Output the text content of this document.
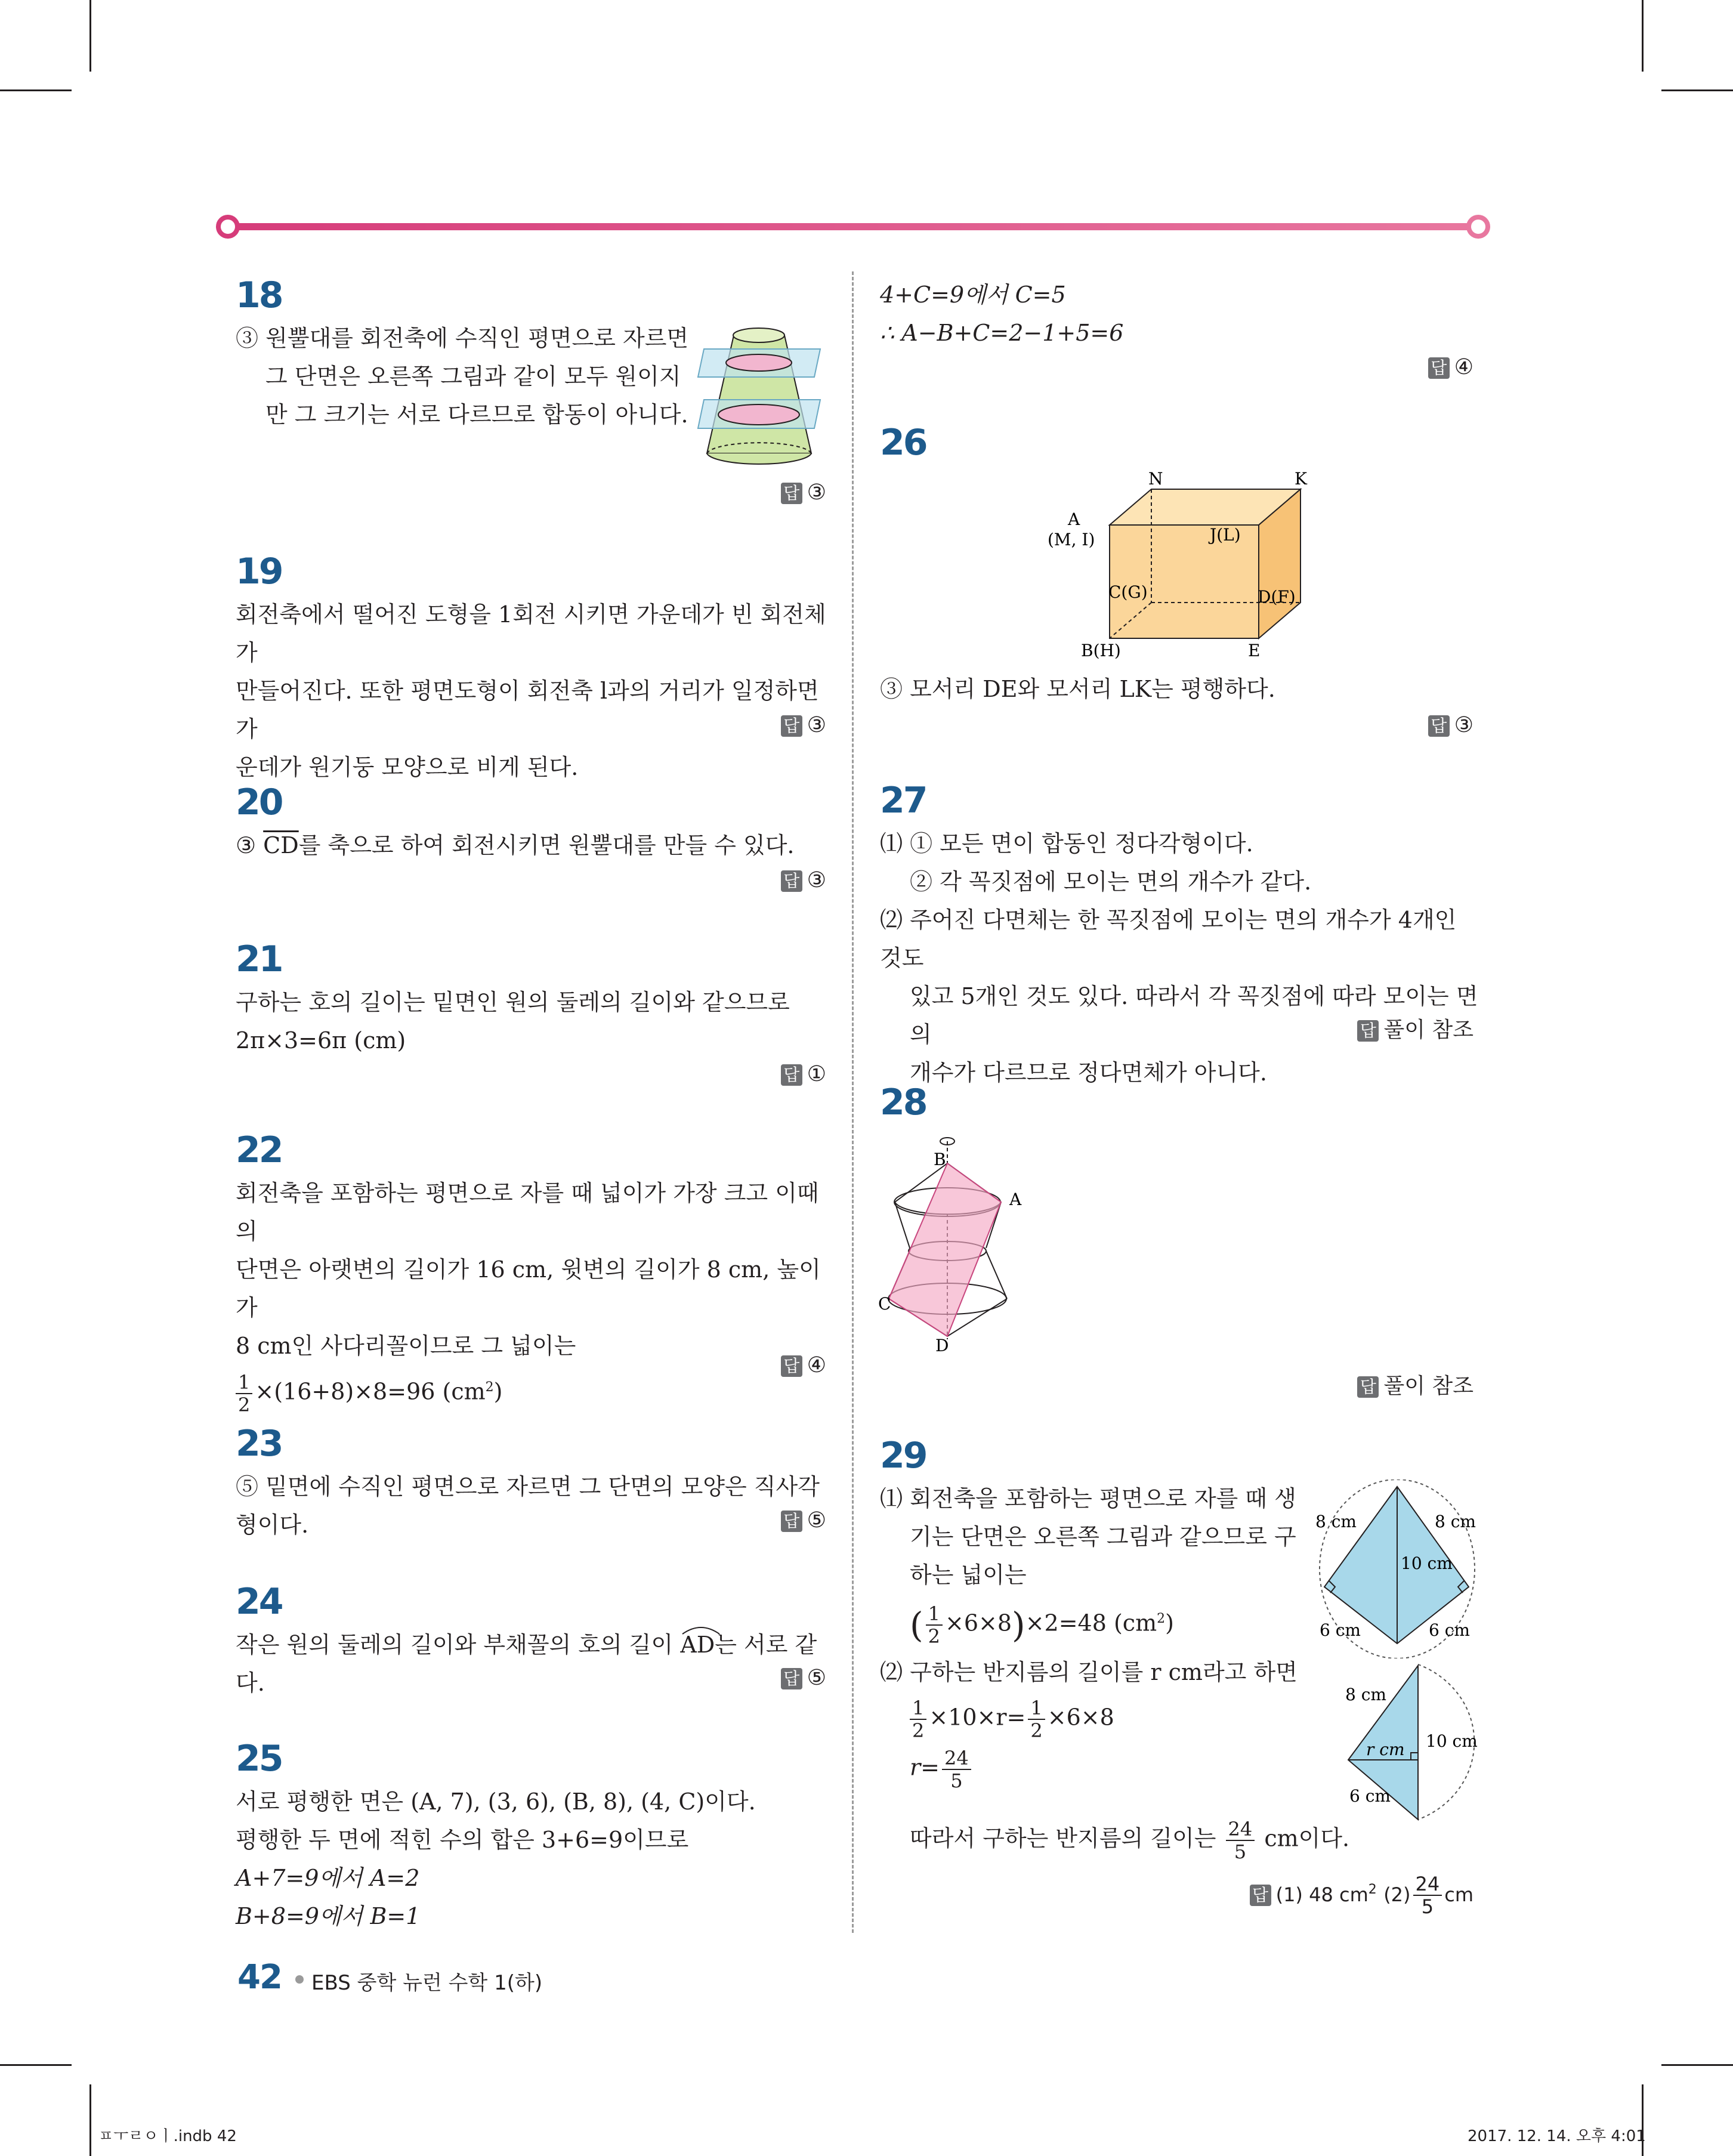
18

③ 원뿔대를 회전축에 수직인 평면으로 자르면

그 단면은 오른쪽 그림과 같이 모두 원이지

만 그 크기는 서로 다르므로 합동이 아니다.

답 ③
19

회전축에서 떨어진 도형을 1회전 시키면 가운데가 빈 회전체가

만들어진다. 또한 평면도형이 회전축 l과의 거리가 일정하면 가

운데가 원기둥 모양으로 비게 된다.

답 ③
20

③ $\overline{CD}$를 축으로 하여 회전시키면 원뿔대를 만들 수 있다.

답 ③
21

구하는 호의 길이는 밑면인 원의 둘레의 길이와 같으므로

2π×3=6π (cm)

답 ①
22

회전축을 포함하는 평면으로 자를 때 넓이가 가장 크고 이때의

단면은 아랫변의 길이가 16 cm, 윗변의 길이가 8 cm, 높이가

8 cm인 사다리꼴이므로 그 넓이는

$\frac{1}{2} \times(16+8)\times 8=96$ $(cm^2)$

답 ④
23

⑤ 밑면에 수직인 평면으로 자르면 그 단면의 모양은 직사각형이다.	답 ⑤
24

작은 원의 둘레의 길이와 부채꼴의 호의 길이
AD는 서로 같다.	답 ⑤
25

서로 평행한 면은 (A, 7), (3, 6), (B, 8), (4, C)이다.

평행한 두 면에 적힌 수의 합은 3+6=9이므로

A+7=9에서 A=2

B+8=9에서 B=1

4+C=9에서 C=5

∴ A−B+C=2−1+5=6

답 ④
26
N	K
A
(M, I)	J(L)
C(G)	D(F)
B(H)	E

③ 모서리 DE와 모서리 LK는 평행하다.

답 ③
27

⑴ ① 모든 면이 합동인 정다각형이다.

② 각 꼭짓점에 모이는 면의 개수가 같다.

⑵ 주어진 다면체는 한 꼭짓점에 모이는 면의 개수가 4개인 것도

있고 5개인 것도 있다. 따라서 각 꼭짓점에 따라 모이는 면의

개수가 다르므로 정다면체가 아니다.

답 풀이 참조
28
B
A
C
D
답 풀이 참조
29

⑴ 회전축을 포함하는 평면으로 자를 때 생

기는 단면은 오른쪽 그림과 같으므로 구

하는 넓이는

( $\frac{1}{2} \times 6\times 8)\times 2=48$ $(cm^2)$

⑵ 구하는 반지름의 길이를 r cm라고 하면

$\frac{1}{2} \times 10\times r= \frac{1}{2} \times 6\times 8$

$r= \frac{24}{5}$

따라서 구하는 반지름의 길이는 $\frac{24}{5}$ cm이다.

8 cm	8 cm
10 cm
6 cm	6 cm
8 cm
10 cm
r cm
6 cm
답 (1) 48 $cm^2$ $(2) \frac{24}{5}$ cm
42 EBS 중학 뉴런 수학 1(하)
ㅍㅜㄹㅇㅣ.indb 42	2017. 12. 14. 오후 4:01
